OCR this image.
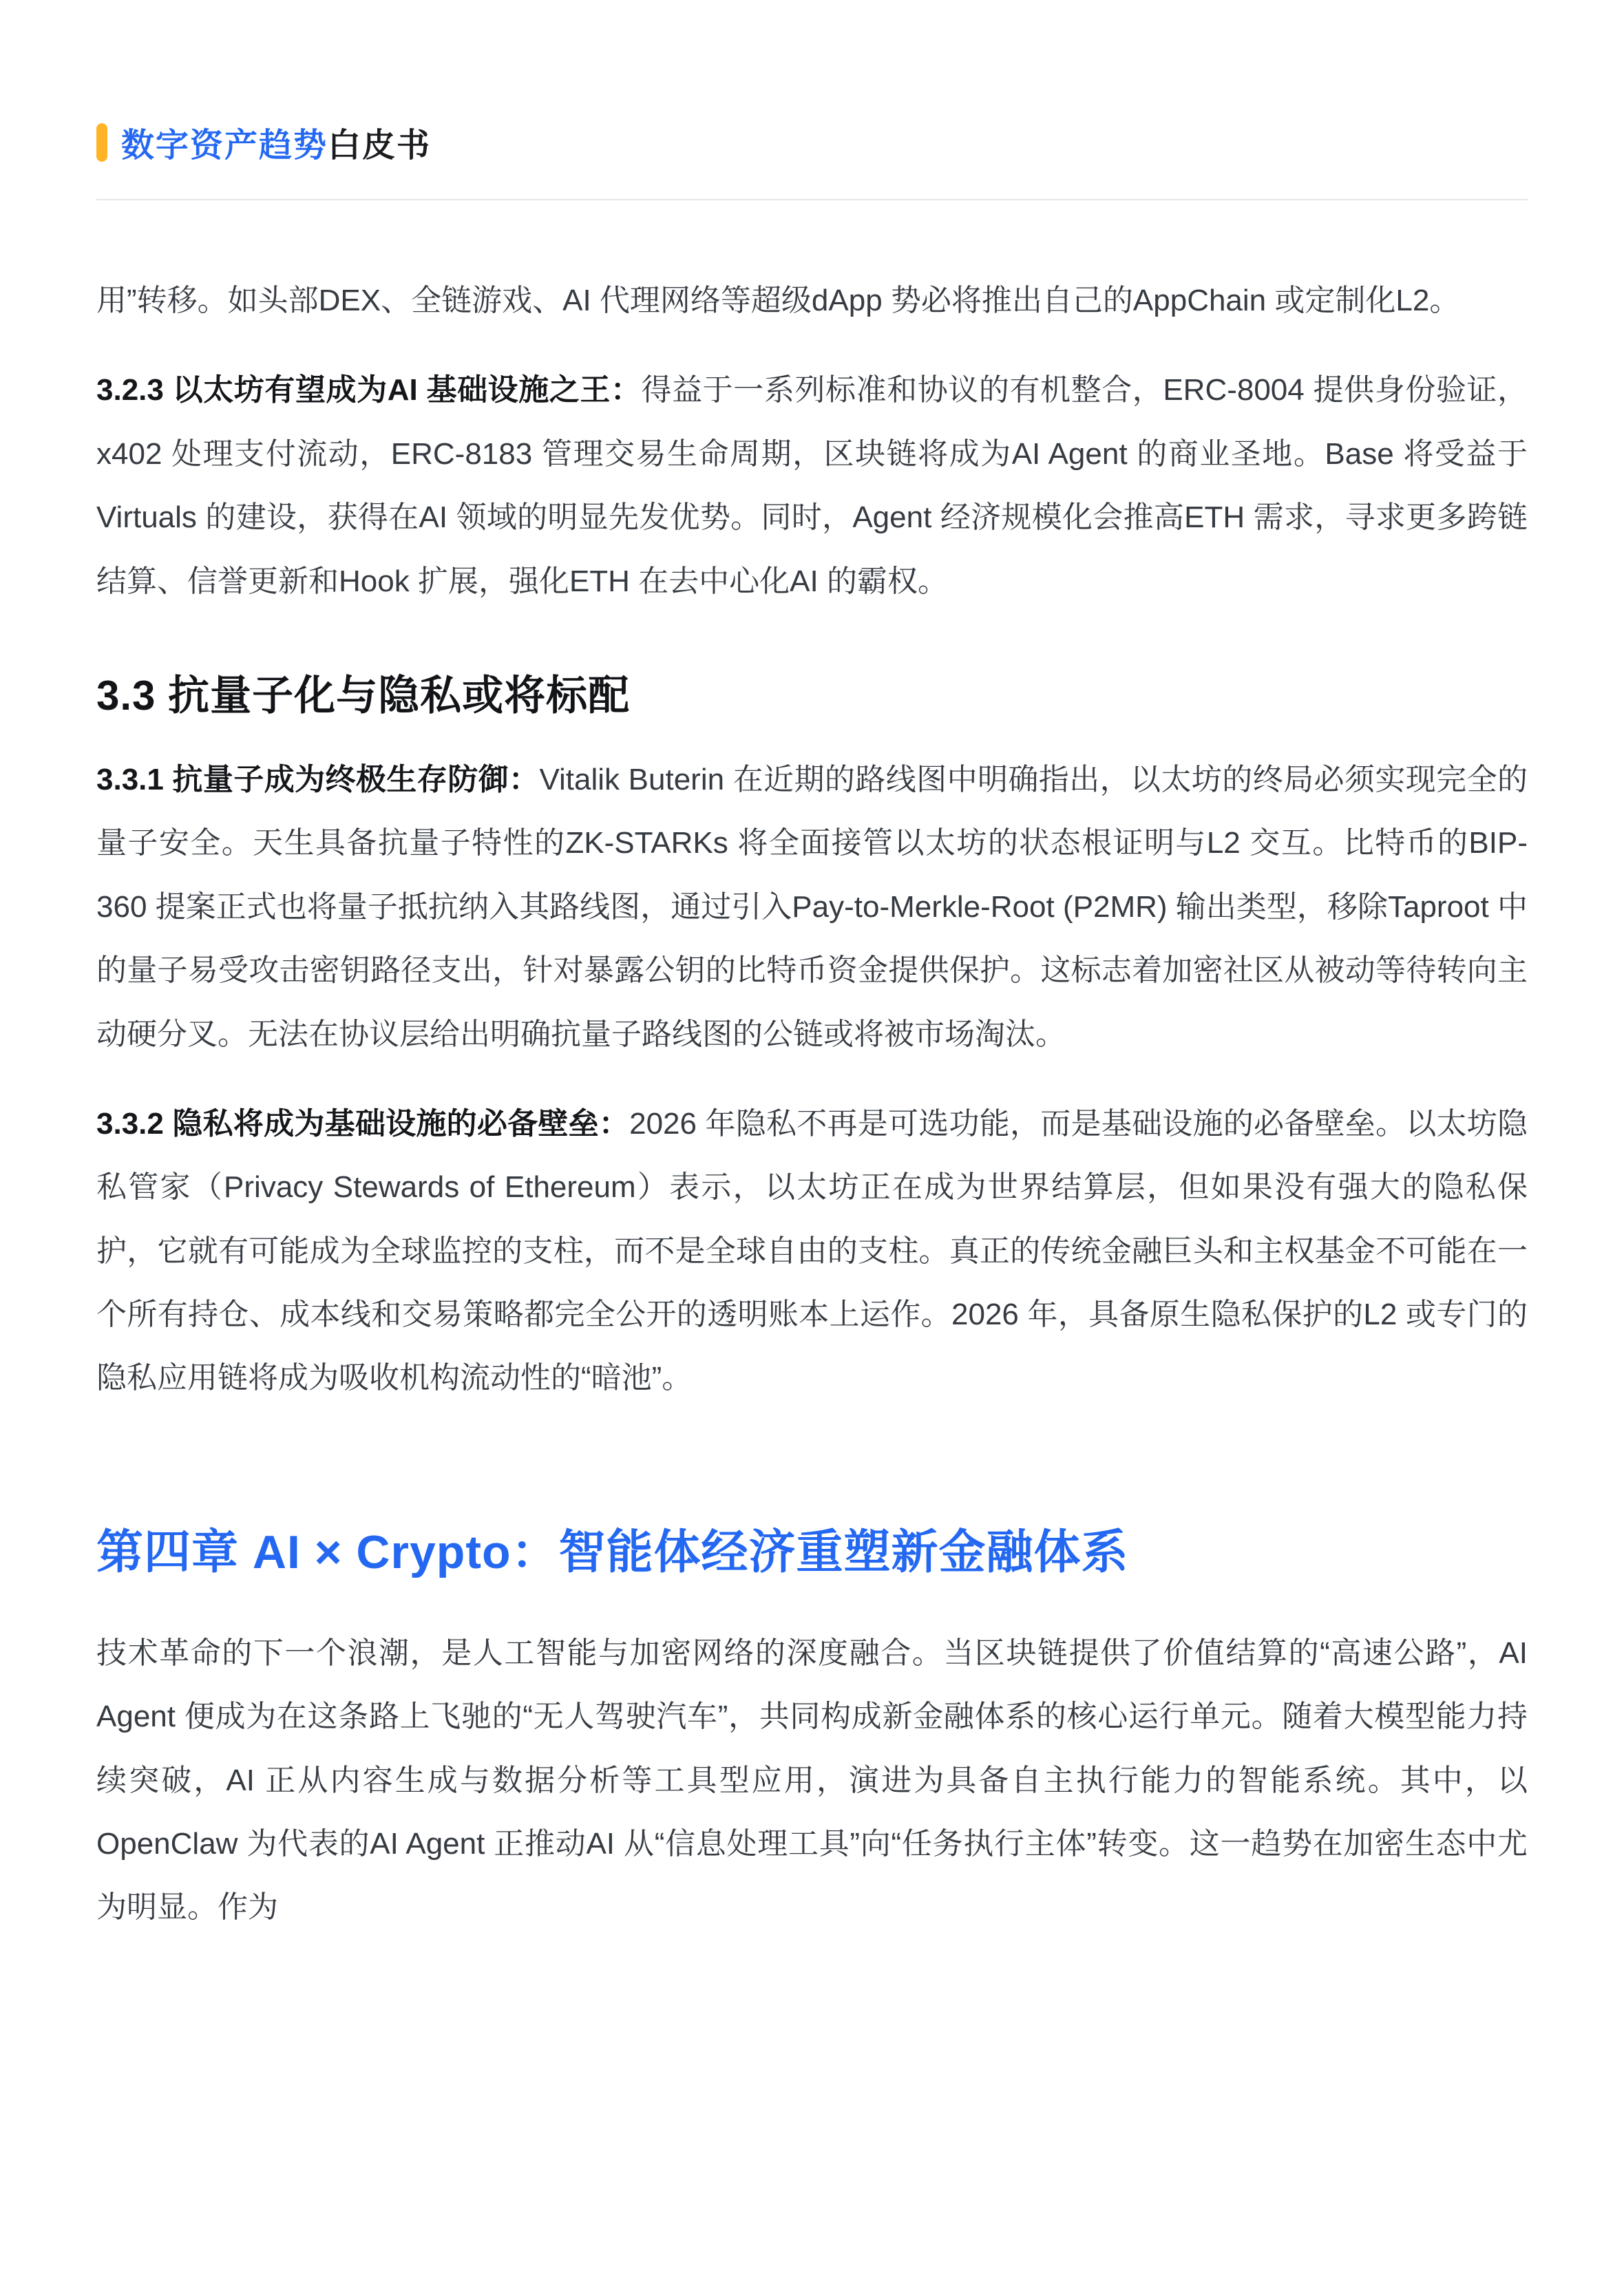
数字资产趋势白皮书

用”转移。如头部DEX、全链游戏、AI 代理网络等超级dApp 势必将推出自己的AppChain 或定制化L2。

3.2.3 以太坊有望成为AI 基础设施之王：得益于一系列标准和协议的有机整合，ERC-8004 提供身份验证，x402 处理支付流动，ERC-8183 管理交易生命周期，区块链将成为AI Agent 的商业圣地。Base 将受益于Virtuals 的建设，获得在AI 领域的明显先发优势。同时，Agent 经济规模化会推高ETH 需求，寻求更多跨链结算、信誉更新和Hook 扩展，强化ETH 在去中心化AI 的霸权。

3.3 抗量子化与隐私或将标配

3.3.1 抗量子成为终极生存防御：Vitalik Buterin 在近期的路线图中明确指出，以太坊的终局必须实现完全的量子安全。天生具备抗量子特性的ZK-STARKs 将全面接管以太坊的状态根证明与L2 交互。比特币的BIP-360 提案正式也将量子抵抗纳入其路线图，通过引入Pay-to-Merkle-Root (P2MR) 输出类型，移除Taproot 中的量子易受攻击密钥路径支出，针对暴露公钥的比特币资金提供保护。这标志着加密社区从被动等待转向主动硬分叉。无法在协议层给出明确抗量子路线图的公链或将被市场淘汰。

3.3.2 隐私将成为基础设施的必备壁垒：2026 年隐私不再是可选功能，而是基础设施的必备壁垒。以太坊隐私管家（Privacy Stewards of Ethereum）表示，以太坊正在成为世界结算层，但如果没有强大的隐私保护，它就有可能成为全球监控的支柱，而不是全球自由的支柱。真正的传统金融巨头和主权基金不可能在一个所有持仓、成本线和交易策略都完全公开的透明账本上运作。2026 年，具备原生隐私保护的L2 或专门的隐私应用链将成为吸收机构流动性的“暗池”。

第四章 AI × Crypto：智能体经济重塑新金融体系

技术革命的下一个浪潮，是人工智能与加密网络的深度融合。当区块链提供了价值结算的“高速公路”，AI Agent 便成为在这条路上飞驰的“无人驾驶汽车”，共同构成新金融体系的核心运行单元。随着大模型能力持续突破，AI 正从内容生成与数据分析等工具型应用，演进为具备自主执行能力的智能系统。其中，以OpenClaw 为代表的AI Agent 正推动AI 从“信息处理工具”向“任务执行主体”转变。这一趋势在加密生态中尤为明显。作为
